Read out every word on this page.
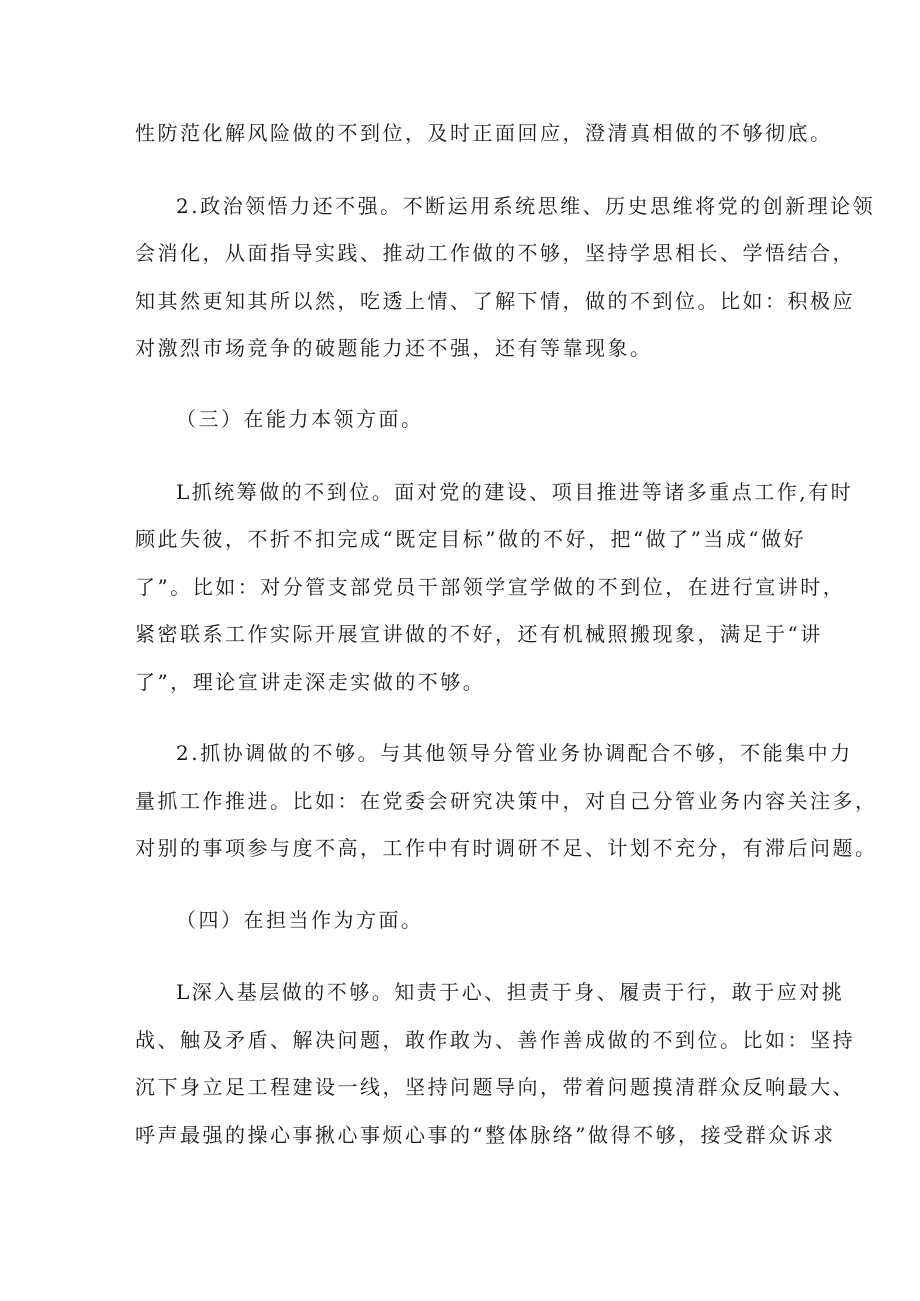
性防范化解风险做的不到位，及时正面回应，澄清真相做的不够彻底。
2.政治领悟力还不强。不断运用系统思维、历史思维将党的创新理论领
会消化，从面指导实践、推动工作做的不够，坚持学思相长、学悟结合，
知其然更知其所以然，吃透上情、了解下情，做的不到位。比如：积极应
对激烈市场竞争的破题能力还不强，还有等靠现象。
（三）在能力本领方面。
L抓统筹做的不到位。面对党的建设、项目推进等诸多重点工作,有时
顾此失彼，不折不扣完成“既定目标”做的不好，把“做了”当成“做好
了”。比如：对分管支部党员干部领学宣学做的不到位，在进行宣讲时，
紧密联系工作实际开展宣讲做的不好，还有机械照搬现象，满足于“讲
了”，理论宣讲走深走实做的不够。
2.抓协调做的不够。与其他领导分管业务协调配合不够，不能集中力
量抓工作推进。比如：在党委会研究决策中，对自己分管业务内容关注多，
对别的事项参与度不高，工作中有时调研不足、计划不充分，有滞后问题。
（四）在担当作为方面。
L深入基层做的不够。知责于心、担责于身、履责于行，敢于应对挑
战、触及矛盾、解决问题，敢作敢为、善作善成做的不到位。比如：坚持
沉下身立足工程建设一线，坚持问题导向，带着问题摸清群众反响最大、
呼声最强的操心事揪心事烦心事的“整体脉络”做得不够，接受群众诉求
